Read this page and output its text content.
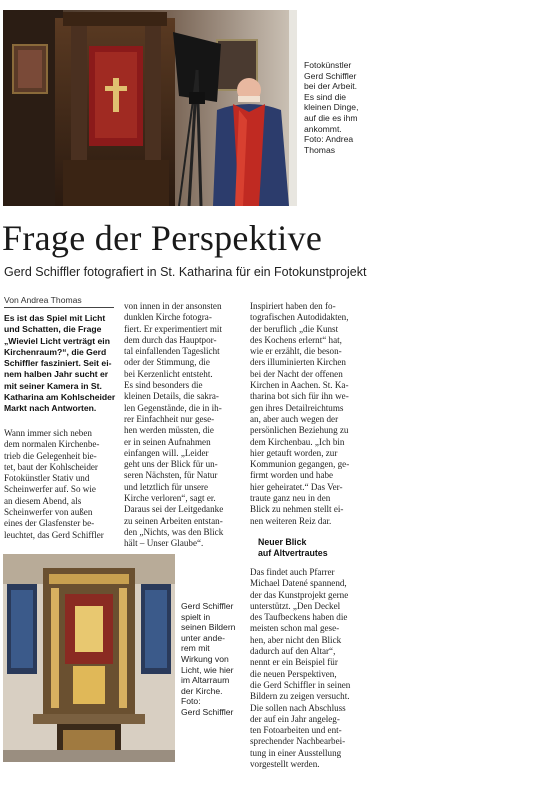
Fotokünstler
Gerd Schiffler
bei der Arbeit.
Es sind die
kleinen Dinge,
auf die es ihm
ankommt.
Foto: Andrea
Thomas
Frage der Perspektive
Gerd Schiffler fotografiert in St. Katharina für ein Fotokunstprojekt
Von Andrea Thomas
Es ist das Spiel mit Licht
und Schatten, die Frage
„Wieviel Licht verträgt ein
Kirchenraum?“, die Gerd
Schiffler fasziniert. Seit ei-
nem halben Jahr sucht er
mit seiner Kamera in St.
Katharina am Kohlscheider
Markt nach Antworten.
Wann immer sich neben
dem normalen Kirchenbe-
trieb die Gelegenheit bie-
tet, baut der Kohlscheider
Fotokünstler Stativ und
Scheinwerfer auf. So wie
an diesem Abend, als
Scheinwerfer von außen
eines der Glasfenster be-
leuchtet, das Gerd Schiffler
von innen in der ansonsten
dunklen Kirche fotogra-
fiert. Er experimentiert mit
dem durch das Hauptpor-
tal einfallenden Tageslicht
oder der Stimmung, die
bei Kerzenlicht entsteht.
Es sind besonders die
kleinen Details, die sakra-
len Gegenstände, die in ih-
rer Einfachheit nur gese-
hen werden müssten, die
er in seinen Aufnahmen
einfangen will. „Leider
geht uns der Blick für un-
seren Nächsten, für Natur
und letztlich für unsere
Kirche verloren“, sagt er.
Daraus sei der Leitgedanke
zu seinen Arbeiten entstan-
den „Nichts, was den Blick
hält – Unser Glaube“.
Inspiriert haben den fo-
tografischen Autodidakten,
der beruflich „die Kunst
des Kochens erlernt“ hat,
wie er erzählt, die beson-
ders illuminierten Kirchen
bei der Nacht der offenen
Kirchen in Aachen. St. Ka-
tharina bot sich für ihn we-
gen ihres Detailreichtums
an, aber auch wegen der
persönlichen Beziehung zu
dem Kirchenbau. „Ich bin
hier getauft worden, zur
Kommunion gegangen, ge-
firmt worden und habe
hier geheiratet.“ Das Ver-
traute ganz neu in den
Blick zu nehmen stellt ei-
nen weiteren Reiz dar.
Neuer Blick
auf Altvertrautes
Das findet auch Pfarrer
Michael Datené spannend,
der das Kunstprojekt gerne
unterstützt. „Den Deckel
des Taufbeckens haben die
meisten schon mal gese-
hen, aber nicht den Blick
dadurch auf den Altar“,
nennt er ein Beispiel für
die neuen Perspektiven,
die Gerd Schiffler in seinen
Bildern zu zeigen versucht.
Die sollen nach Abschluss
der auf ein Jahr angeleg-
ten Fotoarbeiten und ent-
sprechender Nachbearbei-
tung in einer Ausstellung
vorgestellt werden.
Gerd Schiffler
spielt in
seinen Bildern
unter ande-
rem mit
Wirkung von
Licht, wie hier
im Altarraum
der Kirche.
Foto:
Gerd Schiffler
